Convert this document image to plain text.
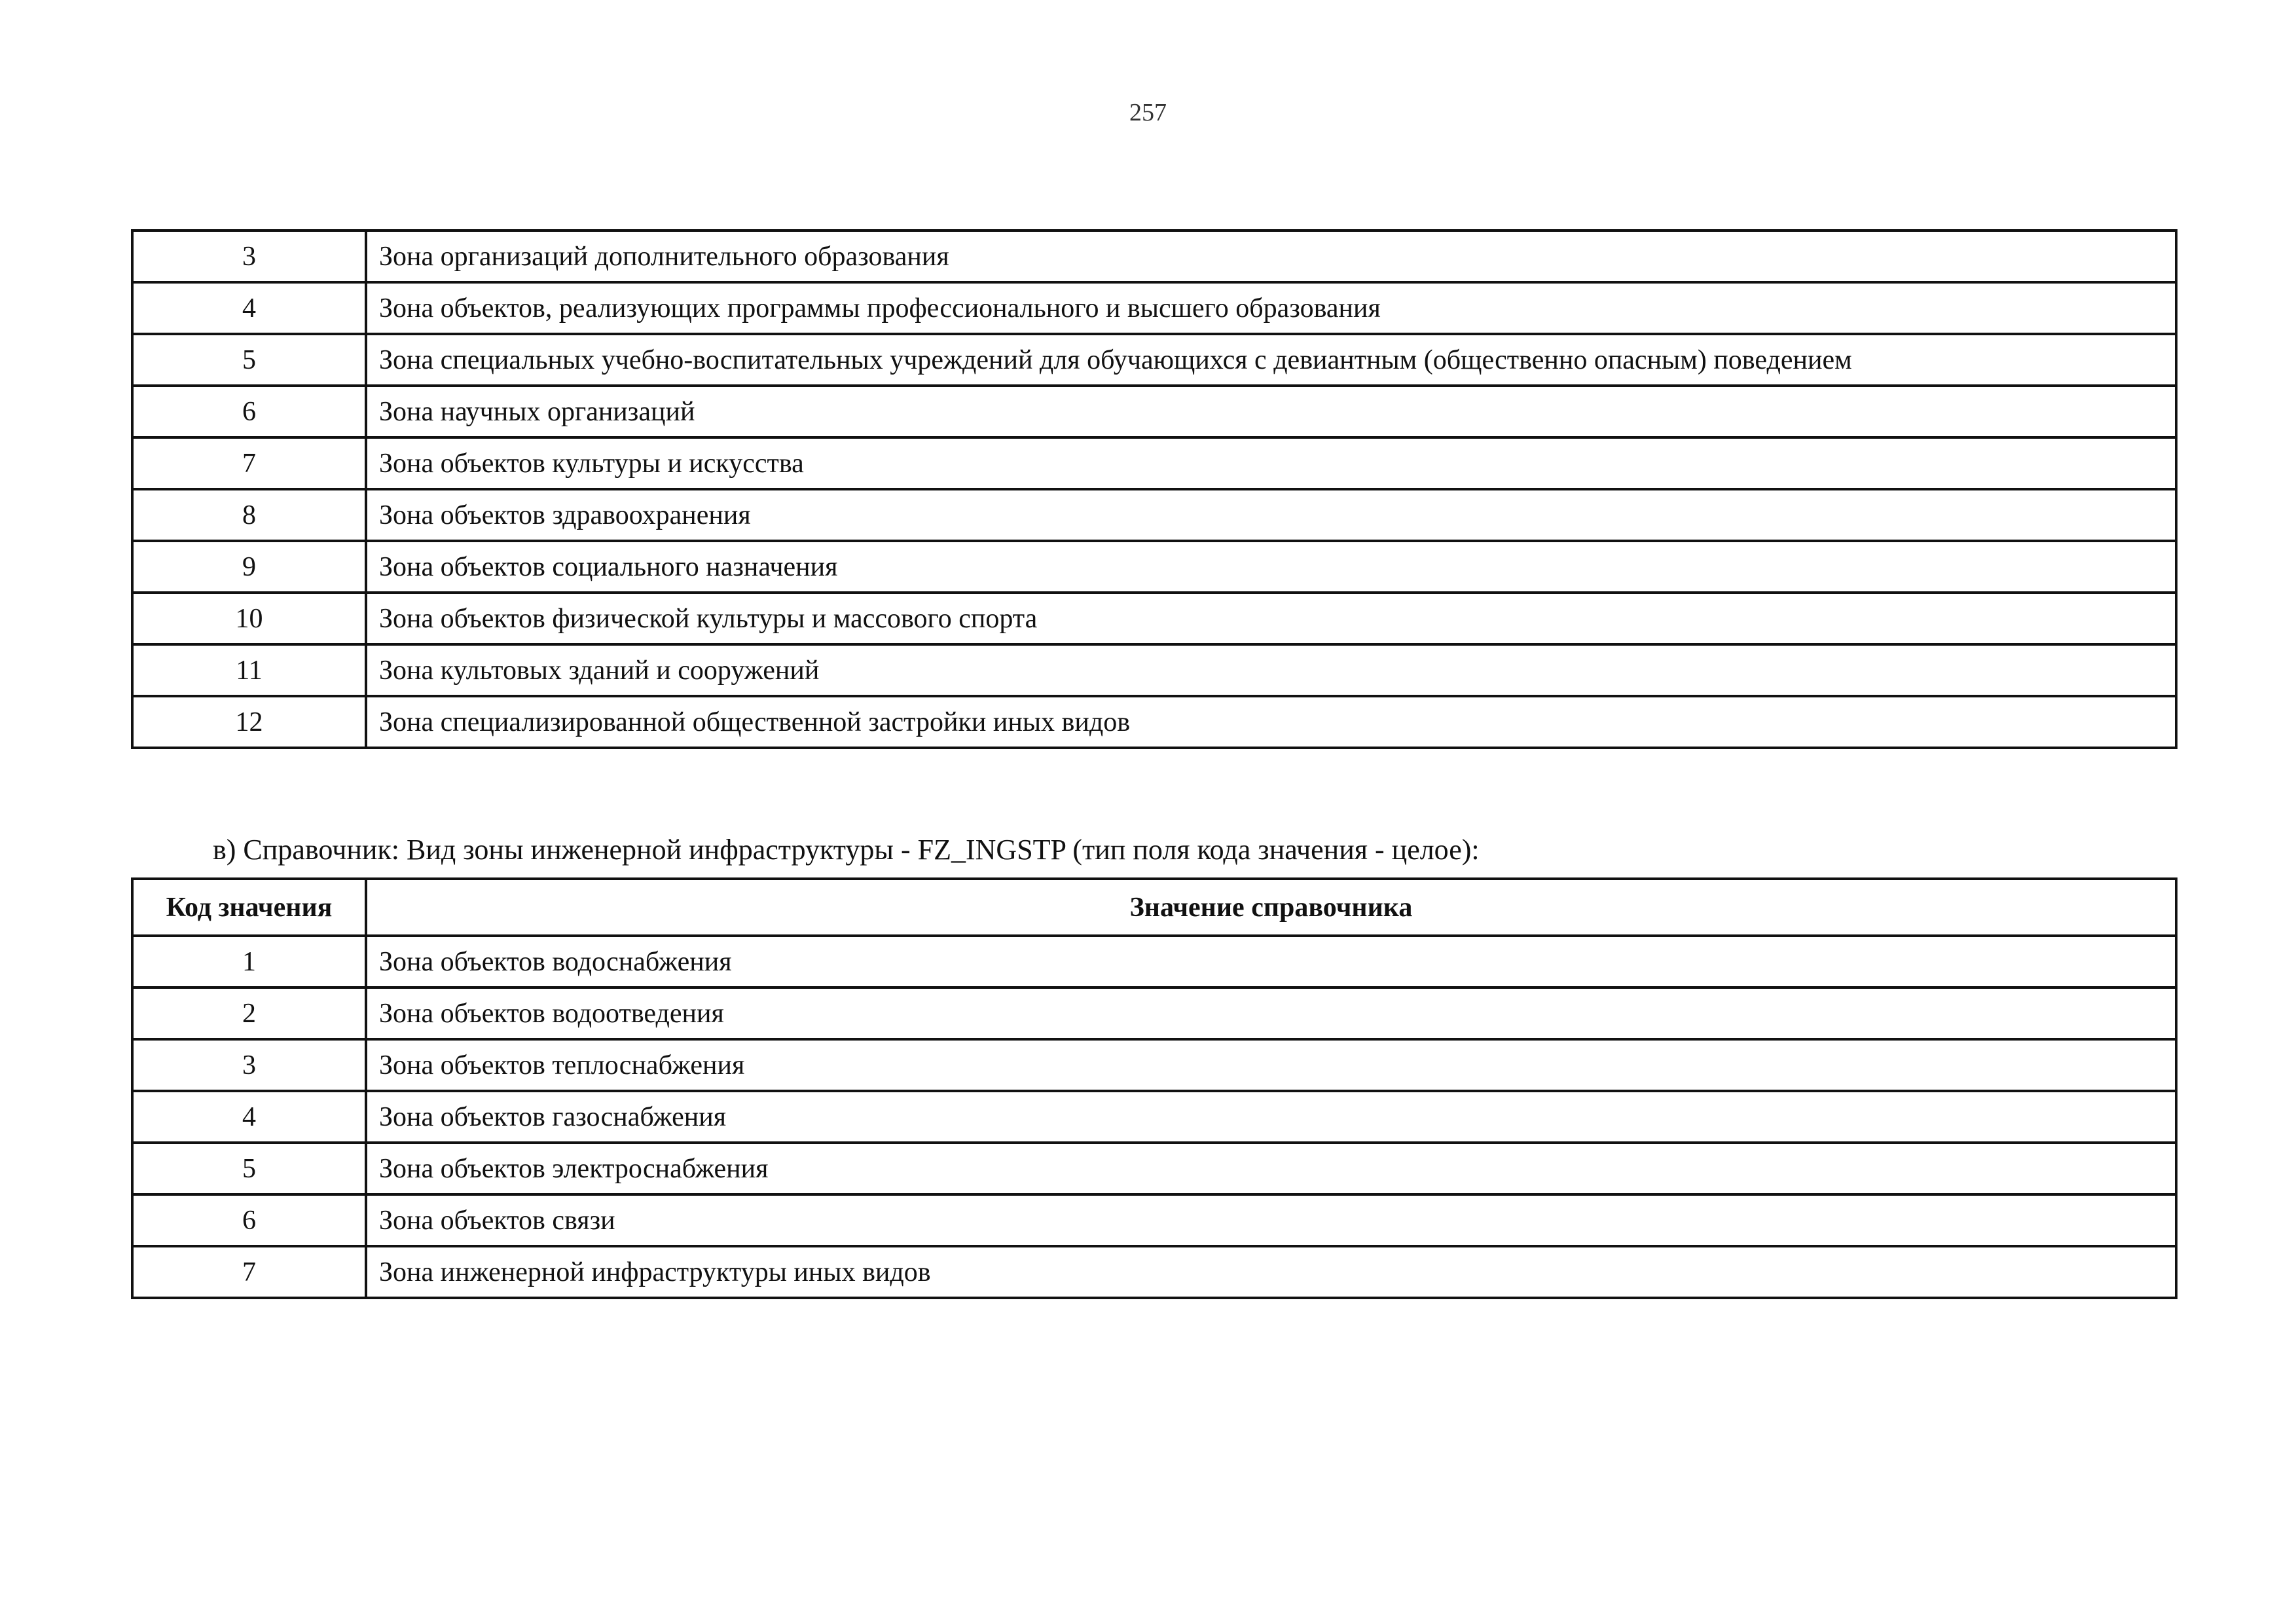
257
3	Зона организаций дополнительного образования
4	Зона объектов, реализующих программы профессионального и высшего образования
5	Зона специальных учебно-воспитательных учреждений для обучающихся с девиантным (общественно опасным) поведением
6	Зона научных организаций
7	Зона объектов культуры и искусства
8	Зона объектов здравоохранения
9	Зона объектов социального назначения
10	Зона объектов физической культуры и массового спорта
11	Зона культовых зданий и сооружений
12	Зона специализированной общественной застройки иных видов
в) Справочник: Вид зоны инженерной инфраструктуры - FZ_INGSTP (тип поля кода значения - целое):
Код значения	Значение справочника
1	Зона объектов водоснабжения
2	Зона объектов водоотведения
3	Зона объектов теплоснабжения
4	Зона объектов газоснабжения
5	Зона объектов электроснабжения
6	Зона объектов связи
7	Зона инженерной инфраструктуры иных видов
